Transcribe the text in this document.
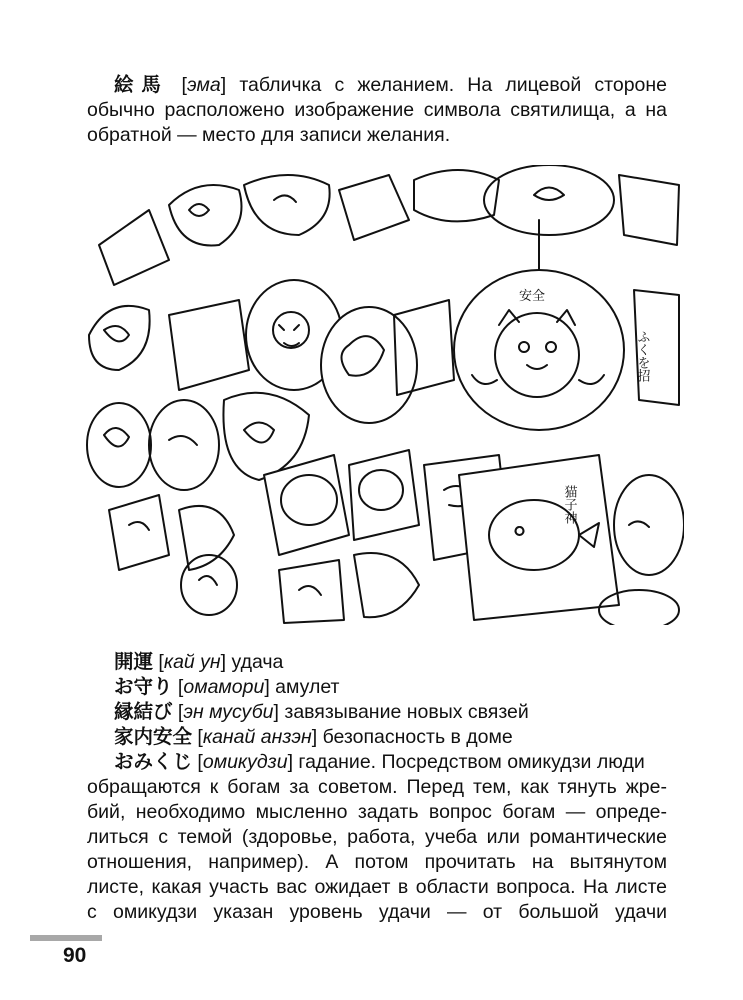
絵馬 [эма] табличка с желанием. На лицевой стороне
обычно расположено изображение символа святилища, а на
обратной — место для записи желания.
安全
ふくを招
猫子神
開運 [кай ун] удача
お守り [омамори] амулет
縁結び [эн мусуби] завязывание новых связей
家内安全 [канай анзэн] безопасность в доме
おみくじ [омикудзи] гадание. Посредством омикудзи люди
обращаются к богам за советом. Перед тем, как тянуть жре-
бий, необходимо мысленно задать вопрос богам — опреде-
литься с темой (здоровье, работа, учеба или романтические
отношения, например). А потом прочитать на вытянутом
листе, какая участь вас ожидает в области вопроса. На листе
с омикудзи указан уровень удачи — от большой удачи
90
